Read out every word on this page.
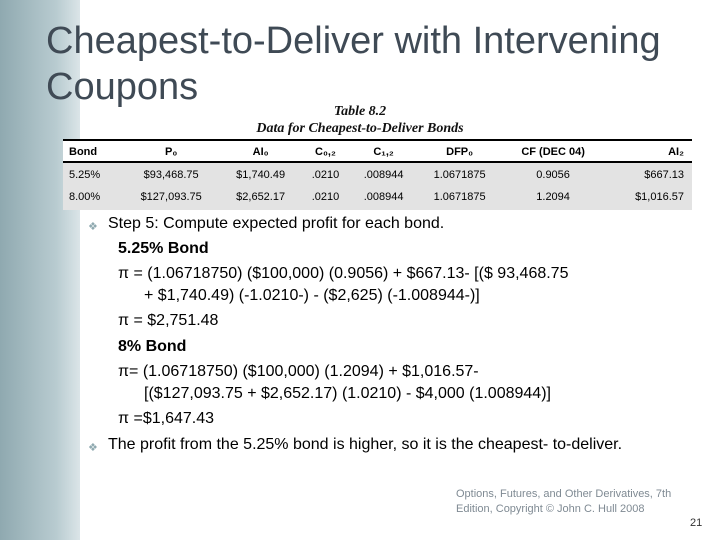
Cheapest-to-Deliver with Intervening Coupons
Table 8.2
Data for Cheapest-to-Deliver Bonds
Bond	P₀	AI₀	C₀,₂	C₁,₂	DFP₀	CF (DEC 04)	AI₂
5.25%	$93,468.75	$1,740.49	.0210	.008944	1.0671875	0.9056	$667.13
8.00%	$127,093.75	$2,652.17	.0210	.008944	1.0671875	1.2094	$1,016.57

❖ Step 5: Compute expected profit for each bond.

5.25% Bond

π = (1.06718750) ($100,000) (0.9056) + $667.13- [($ 93,468.75

+ $1,740.49) (-1.0210-) - ($2,625) (-1.008944-)]

π = $2,751.48

8% Bond

π= (1.06718750) ($100,000) (1.2094) + $1,016.57-

[($127,093.75 + $2,652.17) (1.0210) - $4,000 (1.008944)]

π =$1,647.43

❖ The profit from the 5.25% bond is higher, so it is the cheapest- to-deliver.

Options, Futures, and Other Derivatives, 7th Edition, Copyright © John C. Hull 2008
21
